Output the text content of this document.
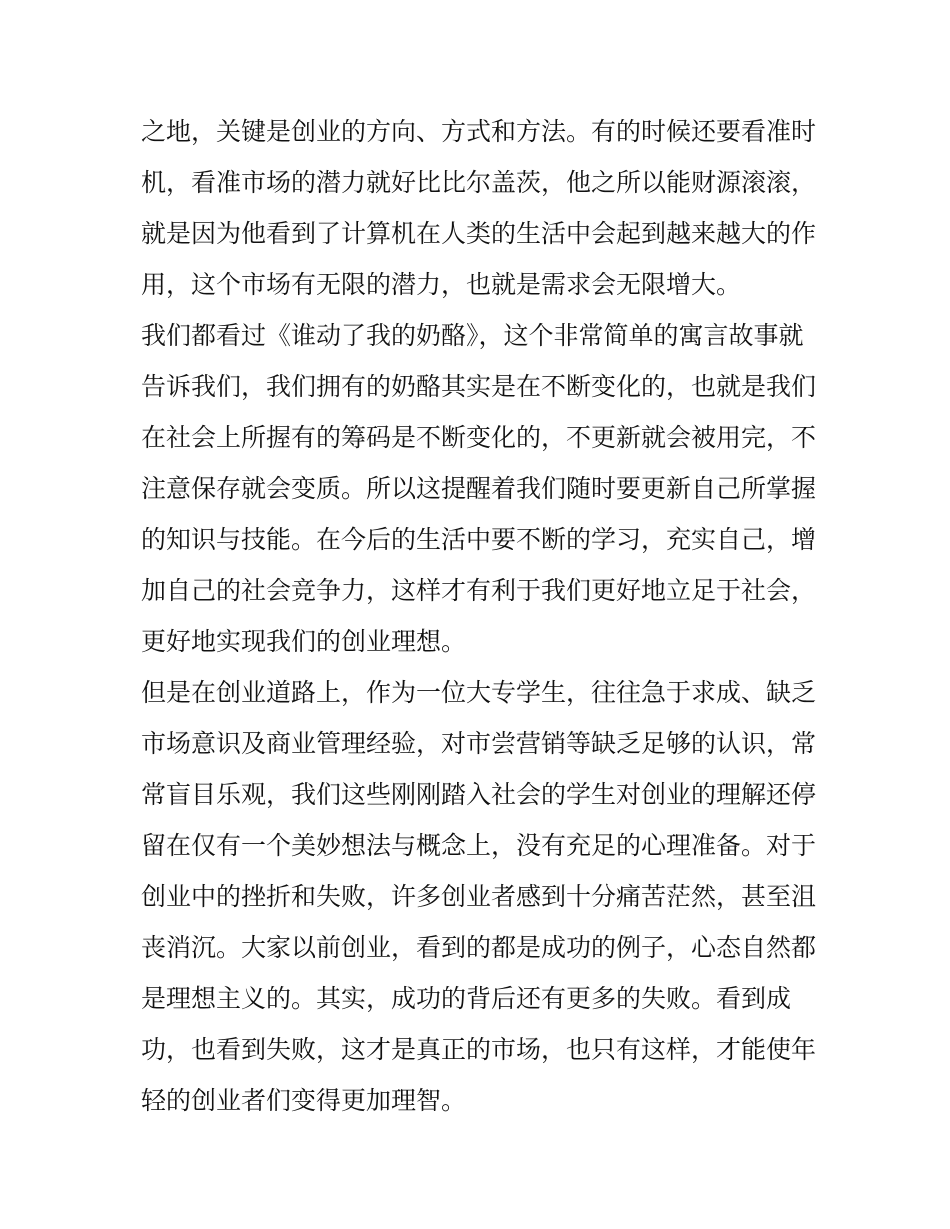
之地，关键是创业的方向、方式和方法。有的时候还要看准时
机，看准市场的潜力就好比比尔盖茨，他之所以能财源滚滚，
就是因为他看到了计算机在人类的生活中会起到越来越大的作
用，这个市场有无限的潜力，也就是需求会无限增大。
我们都看过《谁动了我的奶酪》，这个非常简单的寓言故事就
告诉我们，我们拥有的奶酪其实是在不断变化的，也就是我们
在社会上所握有的筹码是不断变化的，不更新就会被用完，不
注意保存就会变质。所以这提醒着我们随时要更新自己所掌握
的知识与技能。在今后的生活中要不断的学习，充实自己，增
加自己的社会竞争力，这样才有利于我们更好地立足于社会，
更好地实现我们的创业理想。
但是在创业道路上，作为一位大专学生，往往急于求成、缺乏
市场意识及商业管理经验，对市尝营销等缺乏足够的认识，常
常盲目乐观，我们这些刚刚踏入社会的学生对创业的理解还停
留在仅有一个美妙想法与概念上，没有充足的心理准备。对于
创业中的挫折和失败，许多创业者感到十分痛苦茫然，甚至沮
丧消沉。大家以前创业，看到的都是成功的例子，心态自然都
是理想主义的。其实，成功的背后还有更多的失败。看到成
功，也看到失败，这才是真正的市场，也只有这样，才能使年
轻的创业者们变得更加理智。
